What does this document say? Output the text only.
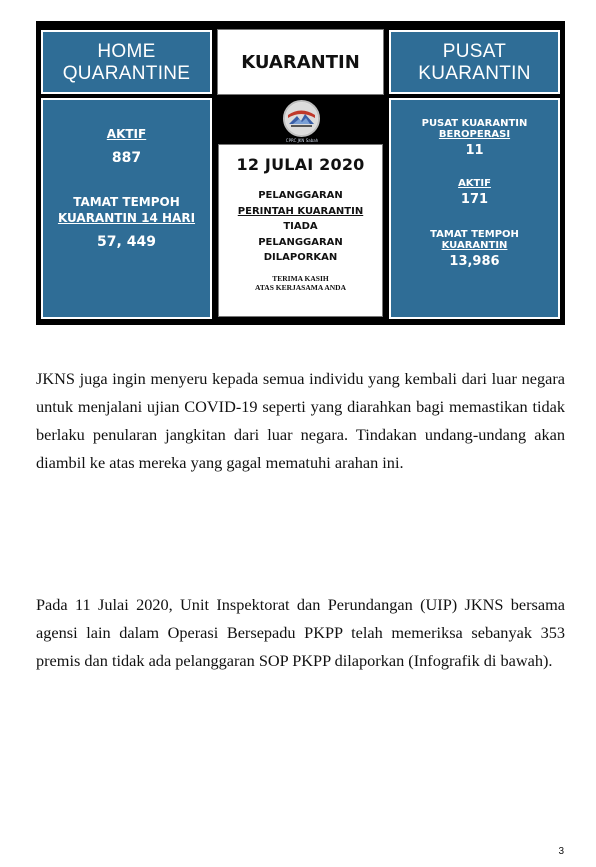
HOME
QUARANTINE
KUARANTIN	PUSAT
KUARANTIN
AKTIF
887
TAMAT TEMPOH
KUARANTIN 14 HARI
57, 449
CPRC JKN Sabah
12 JULAI 2020
PELANGGARAN
PERINTAH KUARANTIN
TIADA
PELANGGARAN
DILAPORKAN
TERIMA KASIH
ATAS KERJASAMA ANDA
PUSAT KUARANTIN
BEROPERASI
11
AKTIF
171
TAMAT TEMPOH
KUARANTIN
13,986

JKNS juga ingin menyeru kepada semua individu yang kembali dari luar negara untuk menjalani ujian COVID-19 seperti yang diarahkan bagi memastikan tidak berlaku penularan jangkitan dari luar negara. Tindakan undang-undang akan diambil ke atas mereka yang gagal mematuhi arahan ini.

Pada 11 Julai 2020, Unit Inspektorat dan Perundangan (UIP) JKNS bersama agensi lain dalam Operasi Bersepadu PKPP telah memeriksa sebanyak 353 premis dan tidak ada pelanggaran SOP PKPP dilaporkan (Infografik di bawah).

3
